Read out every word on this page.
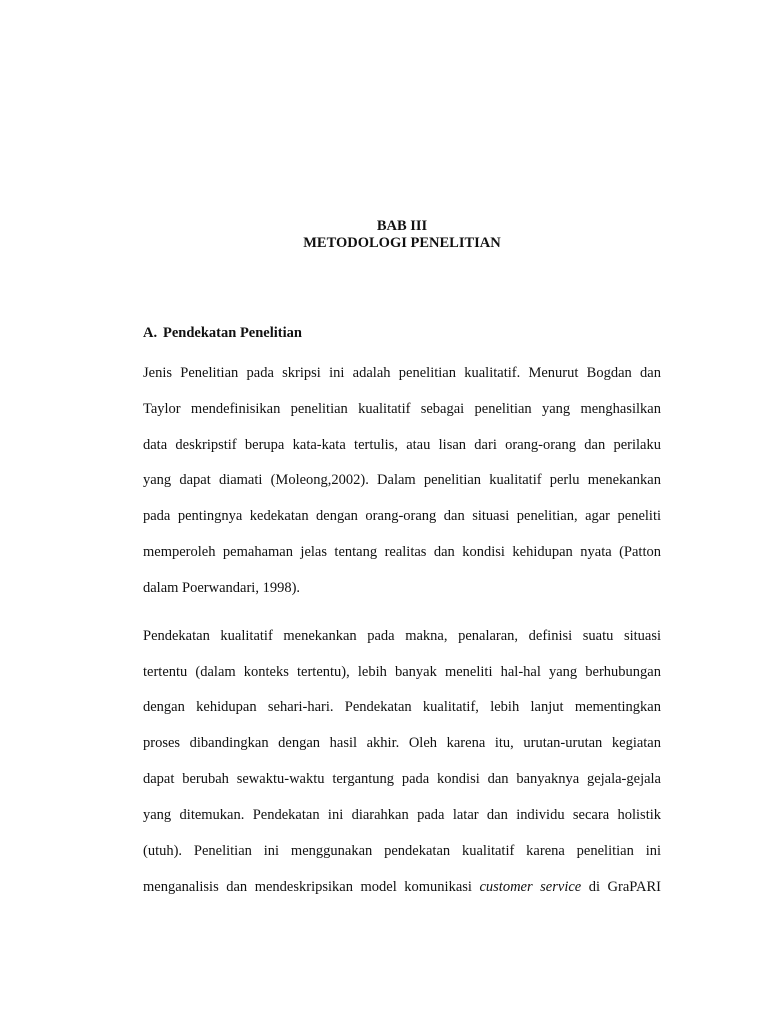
BAB III
METODOLOGI PENELITIAN
A. Pendekatan Penelitian
Jenis Penelitian pada skripsi ini adalah penelitian kualitatif. Menurut Bogdan dan
Taylor mendefinisikan penelitian kualitatif sebagai penelitian yang menghasilkan
data deskripstif berupa kata-kata tertulis, atau lisan dari orang-orang dan perilaku
yang dapat diamati (Moleong,2002). Dalam penelitian kualitatif perlu menekankan
pada pentingnya kedekatan dengan orang-orang dan situasi penelitian, agar peneliti
memperoleh pemahaman jelas tentang realitas dan kondisi kehidupan nyata (Patton
dalam Poerwandari, 1998).
Pendekatan kualitatif menekankan pada makna, penalaran, definisi suatu situasi
tertentu (dalam konteks tertentu), lebih banyak meneliti hal-hal yang berhubungan
dengan kehidupan sehari-hari. Pendekatan kualitatif, lebih lanjut mementingkan
proses dibandingkan dengan hasil akhir. Oleh karena itu, urutan-urutan kegiatan
dapat berubah sewaktu-waktu tergantung pada kondisi dan banyaknya gejala-gejala
yang ditemukan. Pendekatan ini diarahkan pada latar dan individu secara holistik
(utuh). Penelitian ini menggunakan pendekatan kualitatif karena penelitian ini
menganalisis dan mendeskripsikan model komunikasi customer service di GraPARI
